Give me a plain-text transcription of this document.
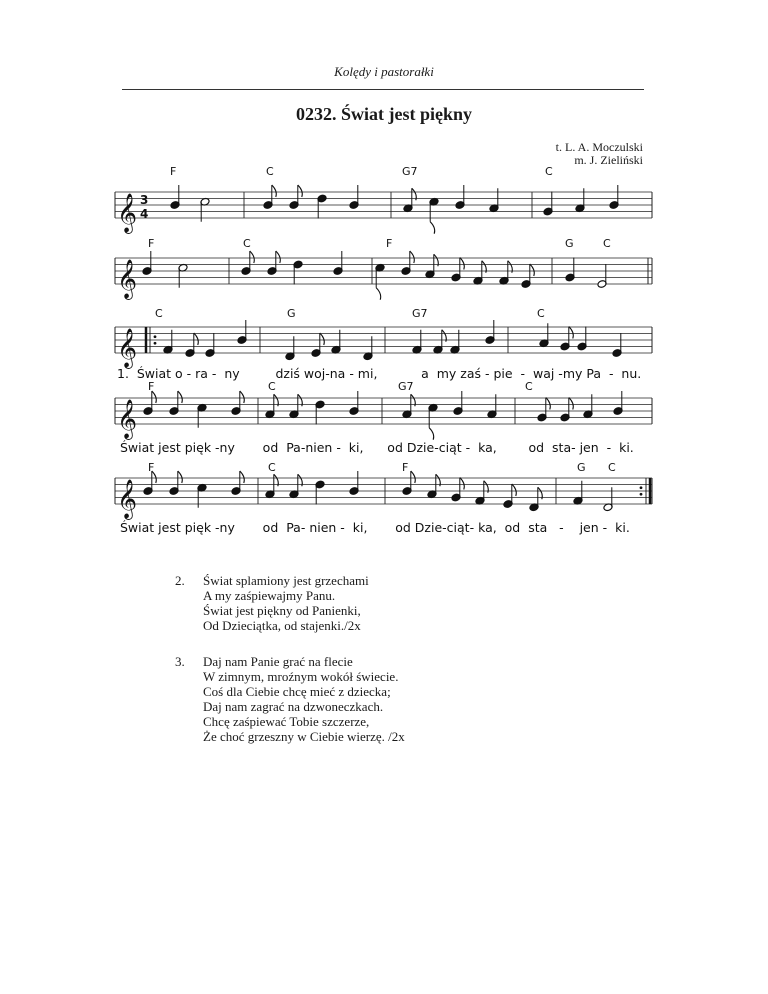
Kolędy i pastorałki
0232. Świat jest piękny
t. L. A. Moczulski
m. J. Zieliński
𝄞
F	C	G7	C
𝄞
F	C	F	G	C
𝄞
C	G	G7	C
1.  Świat o - ra -  ny         dziś woj-na - mi,           a  my zaś - pie  -  waj -my Pa  -  nu.
𝄞
F	C	G7	C
Świat jest pięk -ny       od  Pa-nien -  ki,      od Dzie-ciąt -  ka,        od  sta- jen  -  ki.
𝄞
F	C	F	G C
Świat jest pięk -ny       od  Pa- nien -  ki,       od Dzie-ciąt- ka,  od  sta   -    jen -  ki.
3
4
2. Świat splamiony jest grzechami
A my zaśpiewajmy Panu.
Świat jest piękny od Panienki,
Od Dzieciątka, od stajenki./2x
3. Daj nam Panie grać na flecie
W zimnym, mroźnym wokół świecie.
Coś dla Ciebie chcę mieć z dziecka;
Daj nam zagrać na dzwoneczkach.
Chcę zaśpiewać Tobie szczerze,
Że choć grzeszny w Ciebie wierzę. /2x
